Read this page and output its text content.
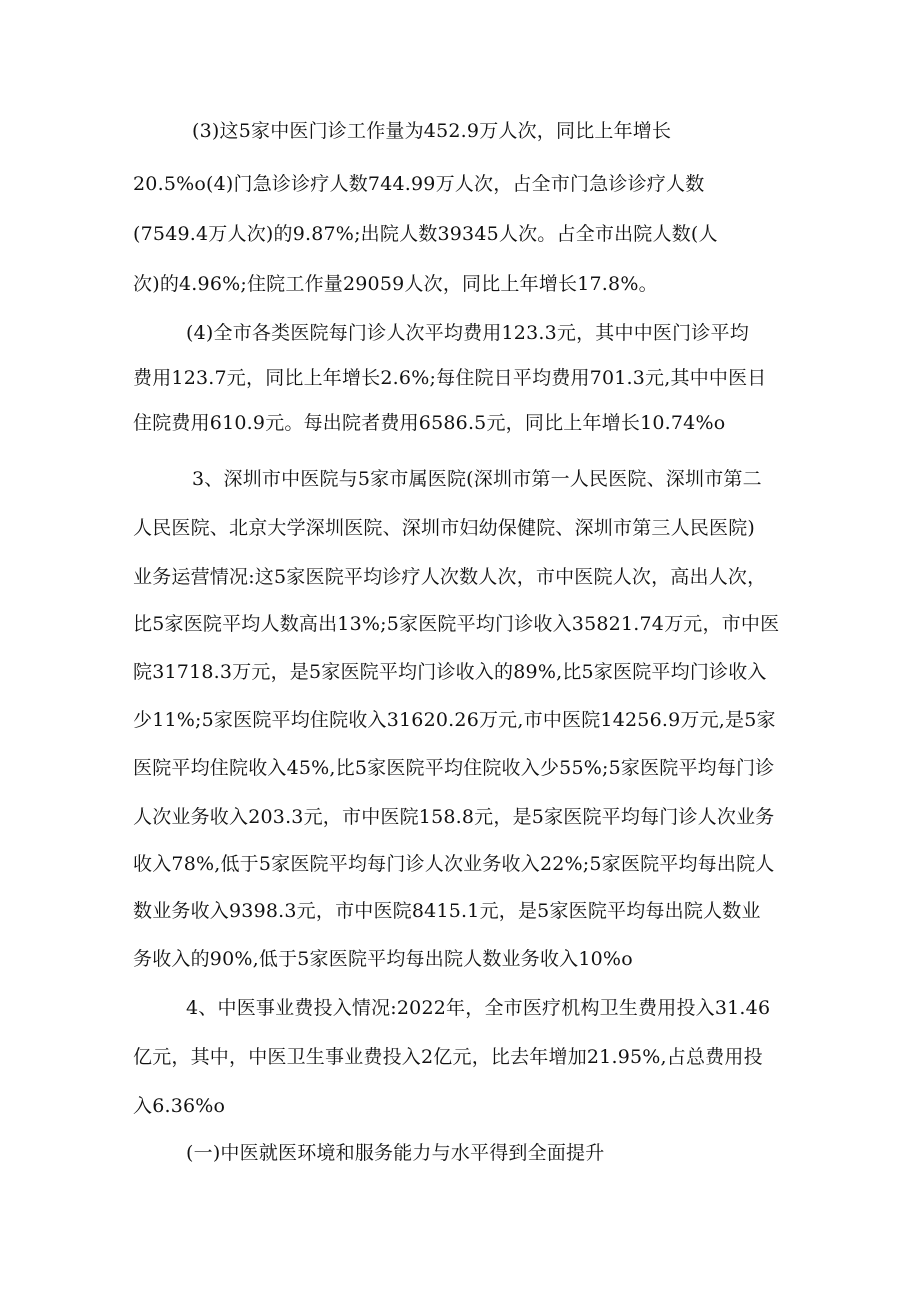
(3)这5家中医门诊工作量为452.9万人次，同比上年增长
20.5%o(4)门急诊诊疗人数744.99万人次，占全市门急诊诊疗人数
(7549.4万人次)的9.87%;出院人数39345人次。占全市出院人数(人
次)的4.96%;住院工作量29059人次，同比上年增长17.8%。
(4)全市各类医院每门诊人次平均费用123.3元，其中中医门诊平均
费用123.7元，同比上年增长2.6%;每住院日平均费用701.3元,其中中医日
住院费用610.9元。每出院者费用6586.5元，同比上年增长10.74%o
3、深圳市中医院与5家市属医院(深圳市第一人民医院、深圳市第二
人民医院、北京大学深圳医院、深圳市妇幼保健院、深圳市第三人民医院)
业务运营情况:这5家医院平均诊疗人次数人次，市中医院人次，高出人次，
比5家医院平均人数高出13%;5家医院平均门诊收入35821.74万元，市中医
院31718.3万元，是5家医院平均门诊收入的89%,比5家医院平均门诊收入
少11%;5家医院平均住院收入31620.26万元,市中医院14256.9万元,是5家
医院平均住院收入45%,比5家医院平均住院收入少55%;5家医院平均每门诊
人次业务收入203.3元，市中医院158.8元，是5家医院平均每门诊人次业务
收入78%,低于5家医院平均每门诊人次业务收入22%;5家医院平均每出院人
数业务收入9398.3元，市中医院8415.1元，是5家医院平均每出院人数业
务收入的90%,低于5家医院平均每出院人数业务收入10%o
4、中医事业费投入情况:2022年，全市医疗机构卫生费用投入31.46
亿元，其中，中医卫生事业费投入2亿元，比去年增加21.95%,占总费用投
入6.36%o
(一)中医就医环境和服务能力与水平得到全面提升
